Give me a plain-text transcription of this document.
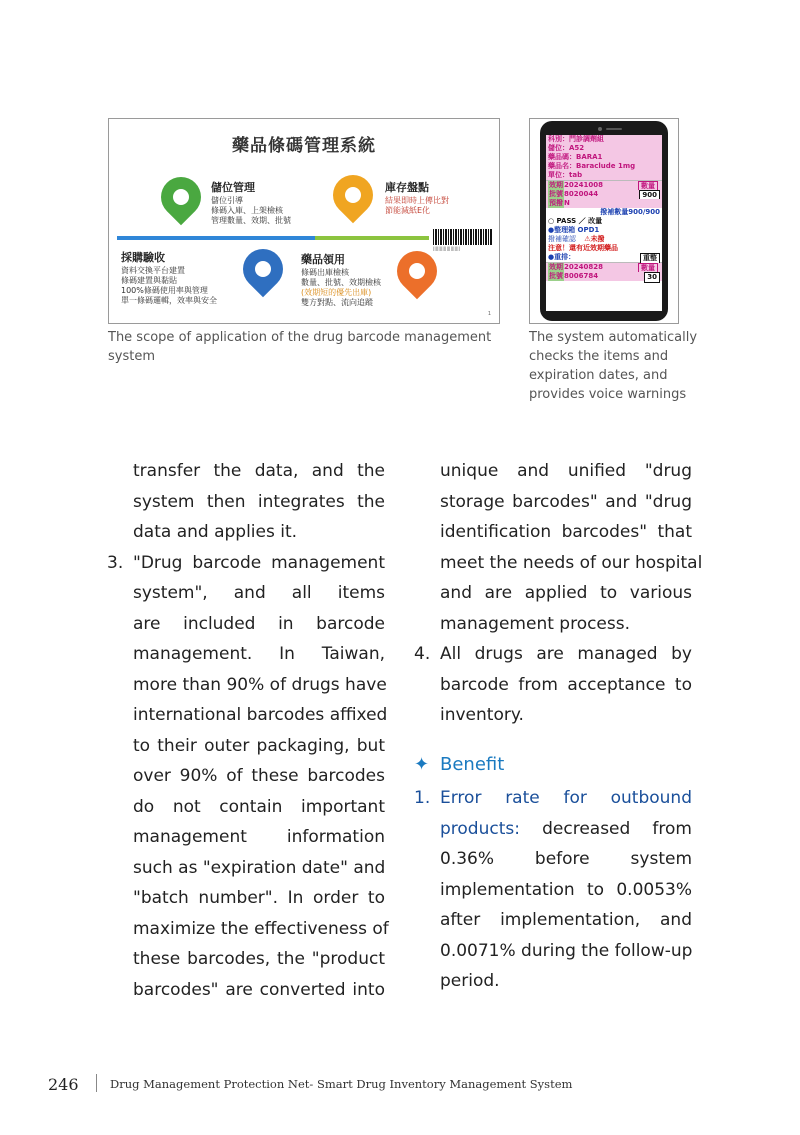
藥品條碼管理系統
儲位管理
儲位引導
條碼入庫、上架檢核
管理數量、效期、批號
庫存盤點
結果即時上傳比對
節能減紙E化
||||||||||||||||||||
採購驗收
資料交換平台建置
條碼建置與黏貼
100%條碼使用率與管理
單一條碼邏輯，效率與安全
藥品領用
條碼出庫檢核
數量、批號、效期檢核
(效期短的優先出庫)
雙方對點、流向追蹤
1
科別：門診調劑組
儲位：A52
藥品碼：BARA1
藥品名：Baraclude 1mg
單位：tab
效期20241008	數量
批號8020044	900
預撥N
撥補數量900/900
○ PASS ／ 改量
●整理箱 OPD1
撥補確認 ⚠未撥
注意！還有近效期藥品
●重排：	重整
效期20240828	數量
批號8006784	30
The scope of application of the drug barcode management system
The system automatically checks the items and expiration dates, and provides voice warnings
transfer the data, and the
system then integrates the
data and applies it.
3. "Drug barcode management
system", and all items
are included in barcode
management. In Taiwan,
more than 90% of drugs have
international barcodes affixed
to their outer packaging, but
over 90% of these barcodes
do not contain important
management information
such as "expiration date" and
"batch number". In order to
maximize the effectiveness of
these barcodes, the "product
barcodes" are converted into
unique and unified "drug
storage barcodes" and "drug
identification barcodes" that
meet the needs of our hospital
and are applied to various
management process.
4. All drugs are managed by
barcode from acceptance to
inventory.
✦ Benefit
1. Error rate for outbound
products: decreased from
0.36% before system
implementation to 0.0053%
after implementation, and
0.0071% during the follow-up
period.
246	Drug Management Protection Net- Smart Drug Inventory Management System
